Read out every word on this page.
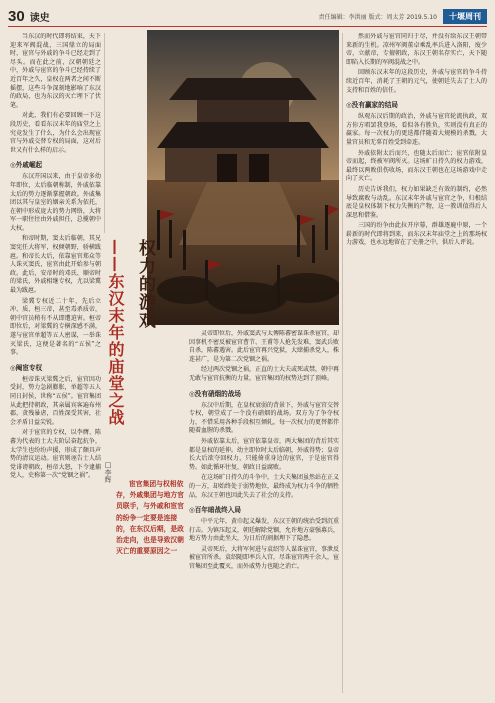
30 读史	责任编辑：李洪丽 版式：周太芳 2019.5.10	十堰周刊

当东汉的时代即将结束，天下迎来军阀混战，三国鼎立的局面时，宦官与外戚的争斗已经走到了尽头。而在此之前，汉朝朝廷之中，外戚与宦官的争斗已经持续了近百年之久，皇权在两者之间不断摇摆，这些斗争深刻地影响了东汉的政局，也为东汉的灭亡埋下了伏笔。

对此，我们有必要回顾一下这段历史，看看东汉末年的庙堂之上究竟发生了什么，为什么会出现宦官与外戚交替专权的局面，这对后世又有什么样的启示。

◎外戚崛起

东汉开国以来，由于皇帝多幼年即位，太后临朝称制，外戚依靠太后的势力逐渐掌握朝政。外戚集团以其与皇室的姻亲关系为依托，在朝中形成庞大的势力网络，大将军一职往往由外戚担任，总揽朝中大权。

和帝时期，窦太后临朝，其兄窦宪任大将军，权倾朝野，骄横跋扈。和帝长大后，依靠宦官郑众等人诛灭窦氏，宦官由此开始参与朝政。此后，安帝时的邓氏、顺帝时的梁氏，外戚相继专权，尤以梁冀最为跋扈。

梁冀专权近二十年，先后立冲、质、桓三帝，甚至毒杀质帝，朝中官员稍有不从即遭迫害。桓帝即位后，对梁冀的专横深感不满，遂与宦官单超等五人密谋，一举诛灭梁氏，这便是著名的“五侯”之事。

◎阉宦专权

桓帝诛灭梁冀之后，宦官因功受封，势力急剧膨胀，单超等五人同日封侯，世称“五侯”。宦官集团从此把持朝政，其亲属宾客遍布州郡，贪残暴虐，百姓深受其害，社会矛盾日益尖锐。

对于宦官的专权，以李膺、陈蕃为代表的士大夫阶层奋起抗争，太学生也纷纷声援，形成了颇具声势的清议运动。宦官则诬告士人结党诽谤朝政，桓帝大怒，下令逮捕党人，史称第一次“党锢之祸”。

权力的游戏
——东汉末年的庙堂之战
□李辉

宦官集团与权相依存，外戚集团与地方官员联手，与外戚和宦官的纷争一定要是连接的，在东汉后期，是政治走向，也是导致汉朝灭亡的重要原因之一

灵帝即位后，外戚窦武与太傅陈蕃密谋诛杀宦官，却因事机不密反被宦官曹节、王甫等人抢先发难，窦武兵败自杀，陈蕃遇害。此后宦官再兴党狱，大肆捕杀党人，株连甚广，是为第二次党锢之祸。

经过两次党锢之祸，正直的士大夫或死或禁，朝中再无敢与宦官抗衡的力量，宦官集团的权势达到了顶峰。

◎没有硝烟的战场

东汉中后期，在皇权衰弱的背景下，外戚与宦官交替专权，朝堂成了一个没有硝烟的战场。双方为了争夺权力，不惜采用各种手段相互倾轧，每一次权力的更替都伴随着血腥的杀戮。

外戚依靠太后，宦官依靠皇帝，两大集团的背后其实都是皇权的延伸。幼主即位时太后临朝，外戚得势；皇帝长大后欲夺回权力，只能倚重身边的宦官，于是宦官得势。如此循环往复，朝政日益腐败。

在这场旷日持久的斗争中，士大夫集团虽然站在正义的一方，却始终处于弱势地位，最终成为权力斗争的牺牲品，东汉王朝也因此失去了社会的支持。

◎百年暗战终入局

中平元年，黄巾起义爆发，东汉王朝的统治受到沉重打击。为镇压起义，朝廷解除党锢，允许地方豪强募兵，地方势力由此坐大，为日后的割据埋下了隐患。

灵帝死后，大将军何进与袁绍等人谋诛宦官，事泄反被宦官所杀。袁绍随即率兵入宫，尽诛宦官两千余人，宦官集团至此覆灭，而外戚势力也随之消亡。

然而外戚与宦官同归于尽，并没有给东汉王朝带来新的生机。凉州军阀董卓乘乱率兵进入洛阳，废少帝，立献帝，专擅朝政，东汉王朝名存实亡，天下随即陷入长期的军阀混战之中。

回顾东汉末年的这段历史，外戚与宦官的争斗持续近百年，消耗了王朝的元气，使朝廷失去了士人的支持和百姓的信任。

◎没有赢家的结局

纵观东汉后期的政治，外戚与宦官轮流执政，双方你方唱罢我登场，看似各有胜负，实则没有真正的赢家。每一次权力的更迭都伴随着大规模的杀戮，大量官员和无辜百姓受到牵连。

外戚依附太后而兴，也随太后而亡；宦官依附皇帝而起，终被军阀所灭。这场旷日持久的权力游戏，最终以两败俱伤收场，而东汉王朝也在这场游戏中走向了灭亡。

历史告诉我们，权力如果缺乏有效的制约，必然导致腐败与动乱。东汉末年外戚与宦官之争，归根结底是皇权体制下权力失衡的产物，这一教训值得后人深思和借鉴。

三国的纷争由此拉开序幕，群雄逐鹿中原，一个崭新的时代即将到来，而东汉末年庙堂之上的那场权力游戏，也永远地留在了史册之中，供后人评说。
